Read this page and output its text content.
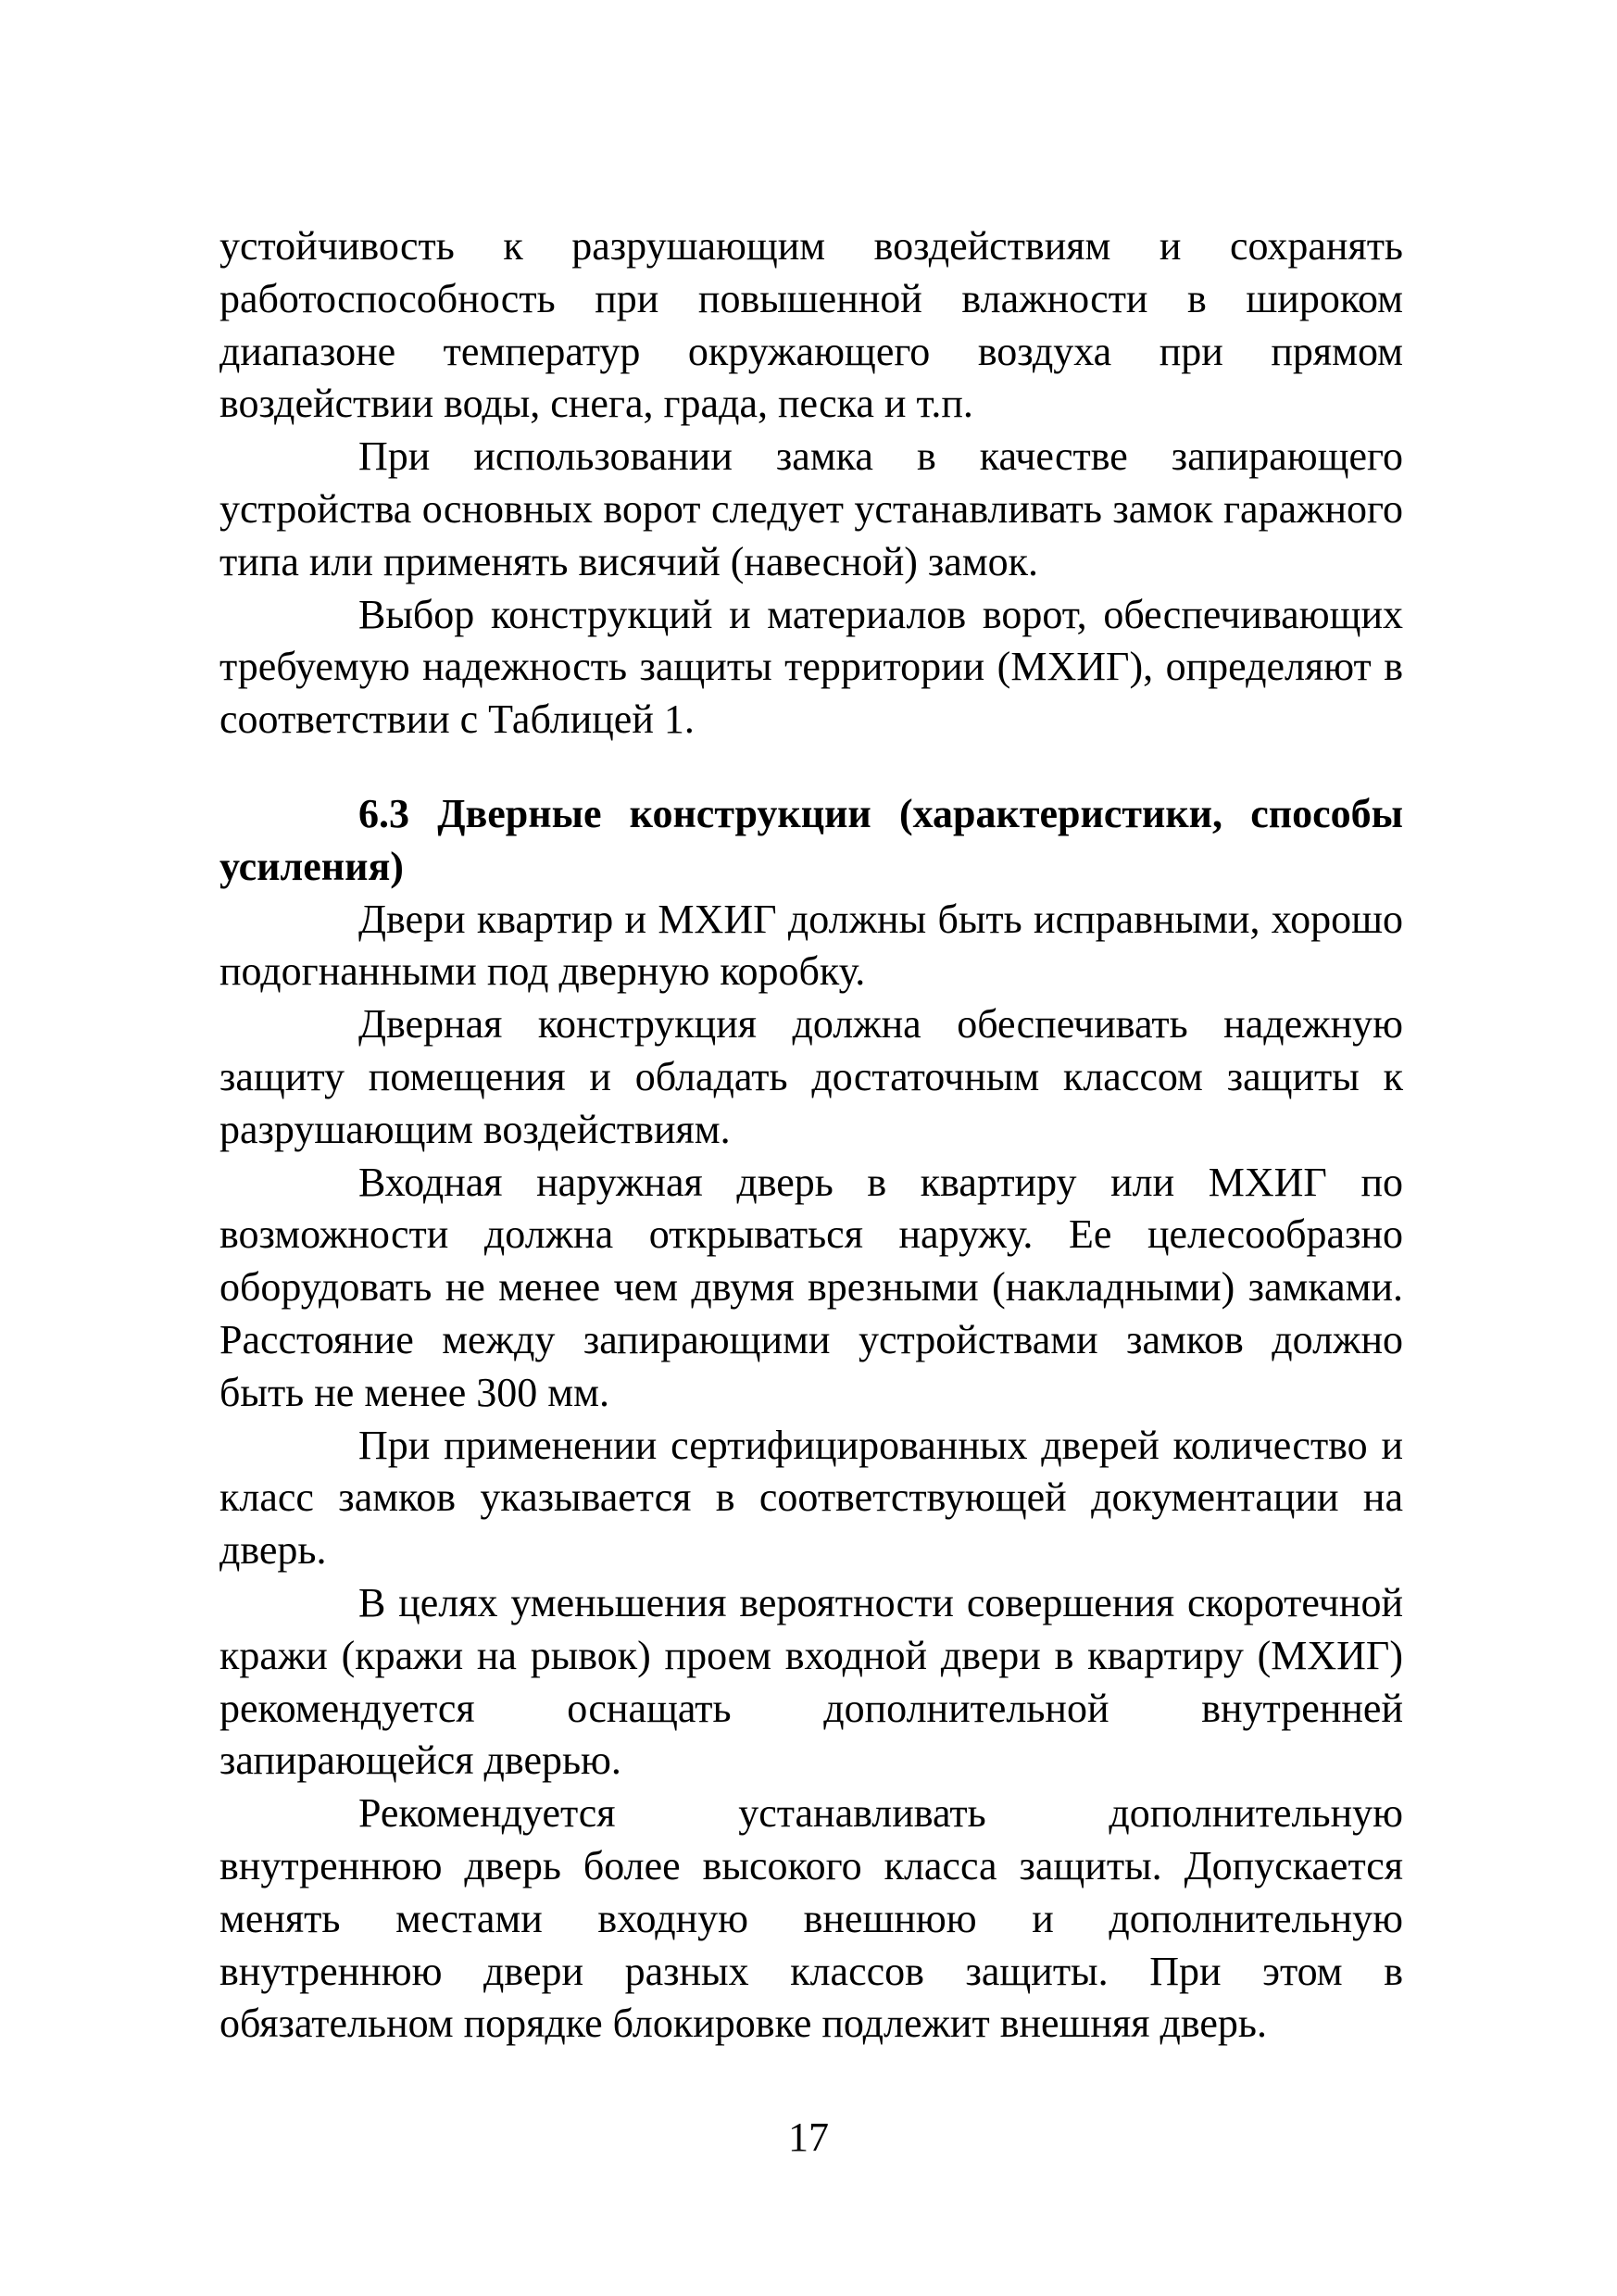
устойчивость к разрушающим воздействиям и сохранять работоспособность при повышенной влажности в широком диапазоне температур окружающего воздуха при прямом воздействии воды, снега, града, песка и т.п.

При использовании замка в качестве запирающего устройства основных ворот следует устанавливать замок гаражного типа или применять висячий (навесной) замок.

Выбор конструкций и материалов ворот, обеспечивающих требуемую надежность защиты территории (МХИГ), определяют в соответствии с Таблицей 1.

6.3 Дверные конструкции (характеристики, способы усиления)

Двери квартир и МХИГ должны быть исправными, хорошо подогнанными под дверную коробку.

Дверная конструкция должна обеспечивать надежную защиту помещения и обладать достаточным классом защиты к разрушающим воздействиям.

Входная наружная дверь в квартиру или МХИГ по возможности должна открываться наружу. Ее целесообразно оборудовать не менее чем двумя врезными (накладными) замками. Расстояние между запирающими устройствами замков должно быть не менее 300 мм.

При применении сертифицированных дверей количество и класс замков указывается в соответствующей документации на дверь.

В целях уменьшения вероятности совершения скоротечной кражи (кражи на рывок) проем входной двери в квартиру (МХИГ) рекомендуется оснащать дополнительной внутренней запирающейся дверью.

Рекомендуется устанавливать дополнительную внутреннюю дверь более высокого класса защиты. Допускается менять местами входную внешнюю и дополнительную внутреннюю двери разных классов защиты. При этом в обязательном порядке блокировке подлежит внешняя дверь.

17
